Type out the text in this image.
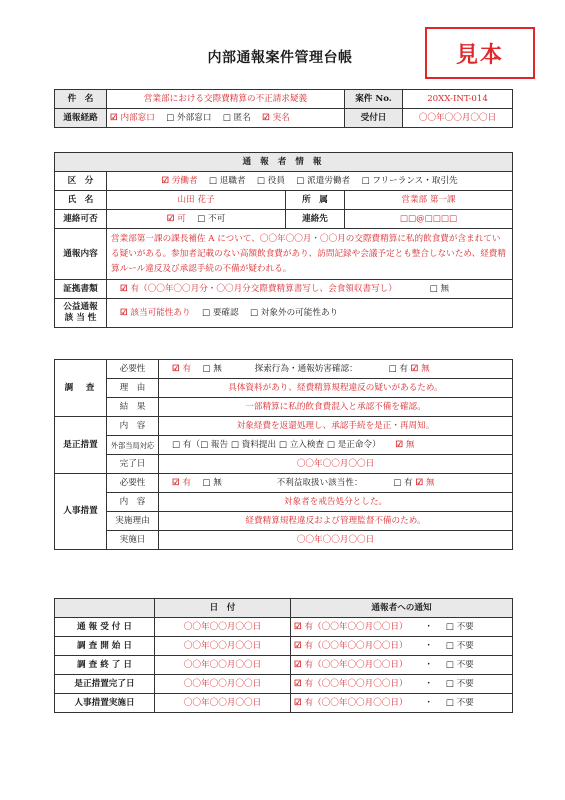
内部通報案件管理台帳	見本
件　名	営業部における交際費精算の不正請求疑義	案件 No.	20XX-INT-014
通報経路	☑ 内部窓口 　 □ 外部窓口 　 □ 匿名 　 ☑ 実名	受付日	〇〇年〇〇月〇〇日
通 報 者 情 報			
区　分	☑ 労働者 　 □ 退職者 　 □ 役員 　 □ 派遣労働者 　 □ フリーランス・取引先		
氏　名	山田 花子	所　属	営業部 第一課
連絡可否	☑ 可 　 □ 不可	連絡先	□□@□□□□
通報内容	営業部第一課の課長補佐 A について、〇〇年〇〇月・〇〇月の交際費精算に私的飲食費が含まれている疑いがある。参加者記載のない高額飲食費があり、訪問記録や会議予定とも整合しないため、経費精算ルール違反及び承認手続の不備が疑われる。		
証拠書類	☑ 有（〇〇年〇〇月分・〇〇月分交際費精算書写し、会食領収書写し） □ 無		
公益通報
該 当 性	☑ 該当可能性あり 　 □ 要確認 　 □ 対象外の可能性あり		
調　査	必要性	☑ 有 　 □ 無 探索行為・通報妨害確認： □ 有 ☑ 無
	理　由	具体資料があり、経費精算規程違反の疑いがあるため。
	結　果	一部精算に私的飲食費混入と承認不備を確認。
是正措置	内　容	対象経費を返還処理し、承認手続を是正・再周知。
	外部当局対応	□ 有（□ 報告 □ 資料提出 □ 立入検査 □ 是正命令） ☑ 無
	完了日	〇〇年〇〇月〇〇日
人事措置	必要性	☑ 有 　 □ 無 不利益取扱い該当性： □ 有 ☑ 無
	内　容	対象者を戒告処分とした。
	実施理由	経費精算規程違反および管理監督不備のため。
	実施日	〇〇年〇〇月〇〇日
	日　付	通報者への通知
通 報 受 付 日	〇〇年〇〇月〇〇日	☑ 有（〇〇年〇〇月〇〇日） ・ □ 不要
調 査 開 始 日	〇〇年〇〇月〇〇日	☑ 有（〇〇年〇〇月〇〇日） ・ □ 不要
調 査 終 了 日	〇〇年〇〇月〇〇日	☑ 有（〇〇年〇〇月〇〇日） ・ □ 不要
是正措置完了日	〇〇年〇〇月〇〇日	☑ 有（〇〇年〇〇月〇〇日） ・ □ 不要
人事措置実施日	〇〇年〇〇月〇〇日	☑ 有（〇〇年〇〇月〇〇日） ・ □ 不要
